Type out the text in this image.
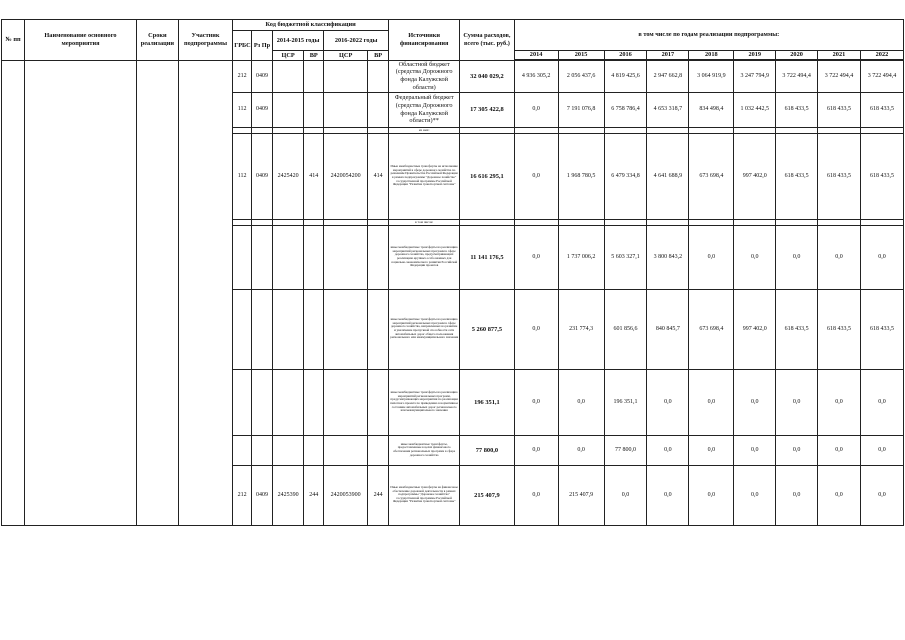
№ пп	Наименование основного мероприятия	Сроки реализации	Участник подпрограммы	Код бюджетной классификации						Источники финансирования	Сумма расходов, всего (тыс. руб.)	в том числе по годам реализации подпрограммы:								
				ГРБС	Рз Пр	2014-2015 годы		2016-2022 годы												
						ЦСР	ВР	ЦСР	ВР			2014	2015	2016	2017	2018	2019	2020	2021	2022

				212	0409					Областной бюджет (средства Дорожного фонда Калужской области)	32 040 029,2	4 936 305,2	2 056 437,6	4 819 425,6	2 947 662,8	3 064 919,9	3 247 794,9	3 722 494,4	3 722 494,4	3 722 494,4
				112	0409					Федеральный бюджет (средства Дорожного фонда Калужской области)**	17 305 422,8	0,0	7 191 076,8	6 758 786,4	4 653 318,7	834 498,4	1 032 442,5	618 433,5	618 433,5	618 433,5
										из них:										
				112	0409	2425420	414	2420054200	414	Иные межбюджетные трансферты на исполнение мероприятий в сфере дорожного хозяйства по решениям Правительства Российской Федерации в рамках подпрограммы "Дорожное хозяйство" государственной программы Российской Федерации "Развитие транспортной системы"	16 616 295,1	0,0	1 968 780,5	6 479 334,8	4 641 688,9	673 698,4	997 402,0	618 433,5	618 433,5	618 433,5
										в том числе:										
										иные межбюджетные трансферты на реализацию мероприятий региональных программ в сфере дорожного хозяйства, предусматривающих реализацию крупных особо важных для социально-экономического развития Российской Федерации проектов	11 141 176,5	0,0	1 737 006,2	5 603 327,1	3 800 843,2	0,0	0,0	0,0	0,0	0,0
										иные межбюджетные трансферты на реализацию мероприятий региональных программ в сфере дорожного хозяйства, направленных на развитие и увеличение пропускной способности сети автомобильных дорог общего пользования регионального или межмуниципального значения	5 260 877,5	0,0	231 774,3	601 856,6	840 845,7	673 698,4	997 402,0	618 433,5	618 433,5	618 433,5
										иные межбюджетные трансферты на реализацию мероприятий региональных программ, предусматривающих мероприятия по реализации пилотного проекта по приведению в нормативное состояние автомобильных дорог регионального или межмуниципального значения	196 351,1	0,0	0,0	196 351,1	0,0	0,0	0,0	0,0	0,0	0,0
										иные межбюджетные трансферты, предоставленные в целях финансового обеспечения региональных программ в сфере дорожного хозяйства	77 800,0	0,0	0,0	77 800,0	0,0	0,0	0,0	0,0	0,0	0,0
				212	0409	2425390	244	2420053900	244	Иные межбюджетные трансферты на финансовое обеспечение дорожной деятельности в рамках подпрограммы "Дорожное хозяйство" государственной программы Российской Федерации "Развитие транспортной системы"	215 407,9	0,0	215 407,9	0,0	0,0	0,0	0,0	0,0	0,0	0,0
